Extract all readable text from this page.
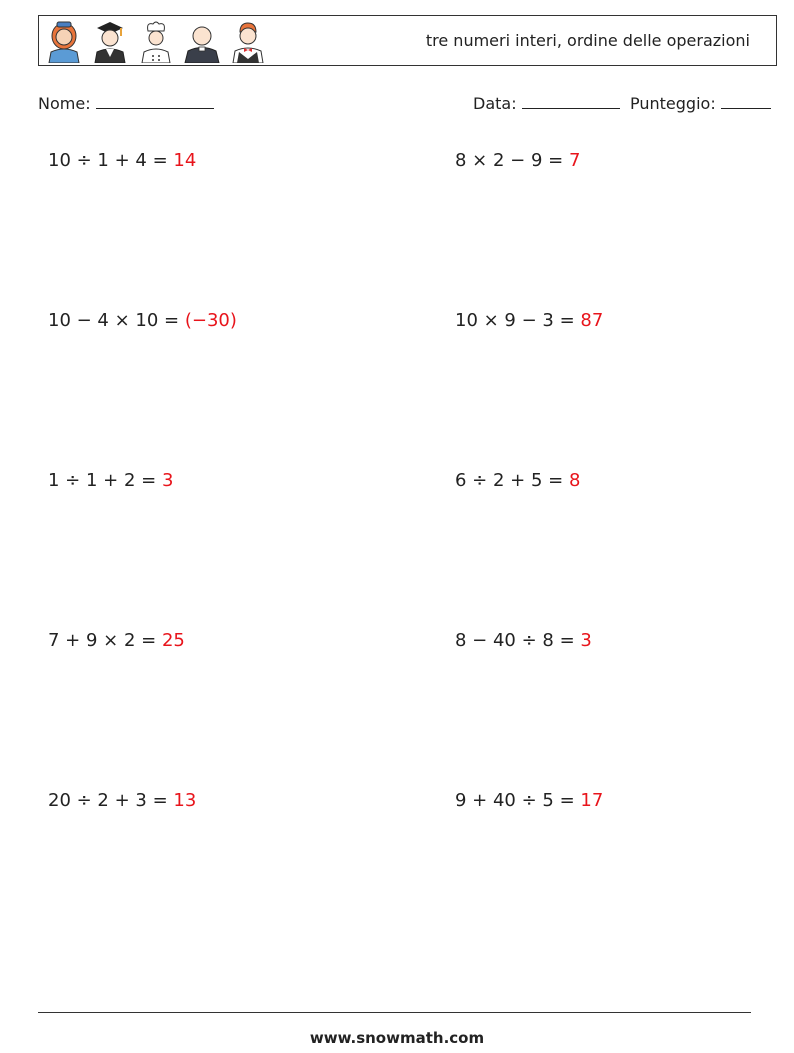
tre numeri interi, ordine delle operazioni
Nome:	Data:	Punteggio:
10 ÷ 1 + 4 = 14	8 × 2 − 9 = 7
10 − 4 × 10 = (−30)	10 × 9 − 3 = 87
1 ÷ 1 + 2 = 3	6 ÷ 2 + 5 = 8
7 + 9 × 2 = 25	8 − 40 ÷ 8 = 3
20 ÷ 2 + 3 = 13	9 + 40 ÷ 5 = 17
www.snowmath.com
